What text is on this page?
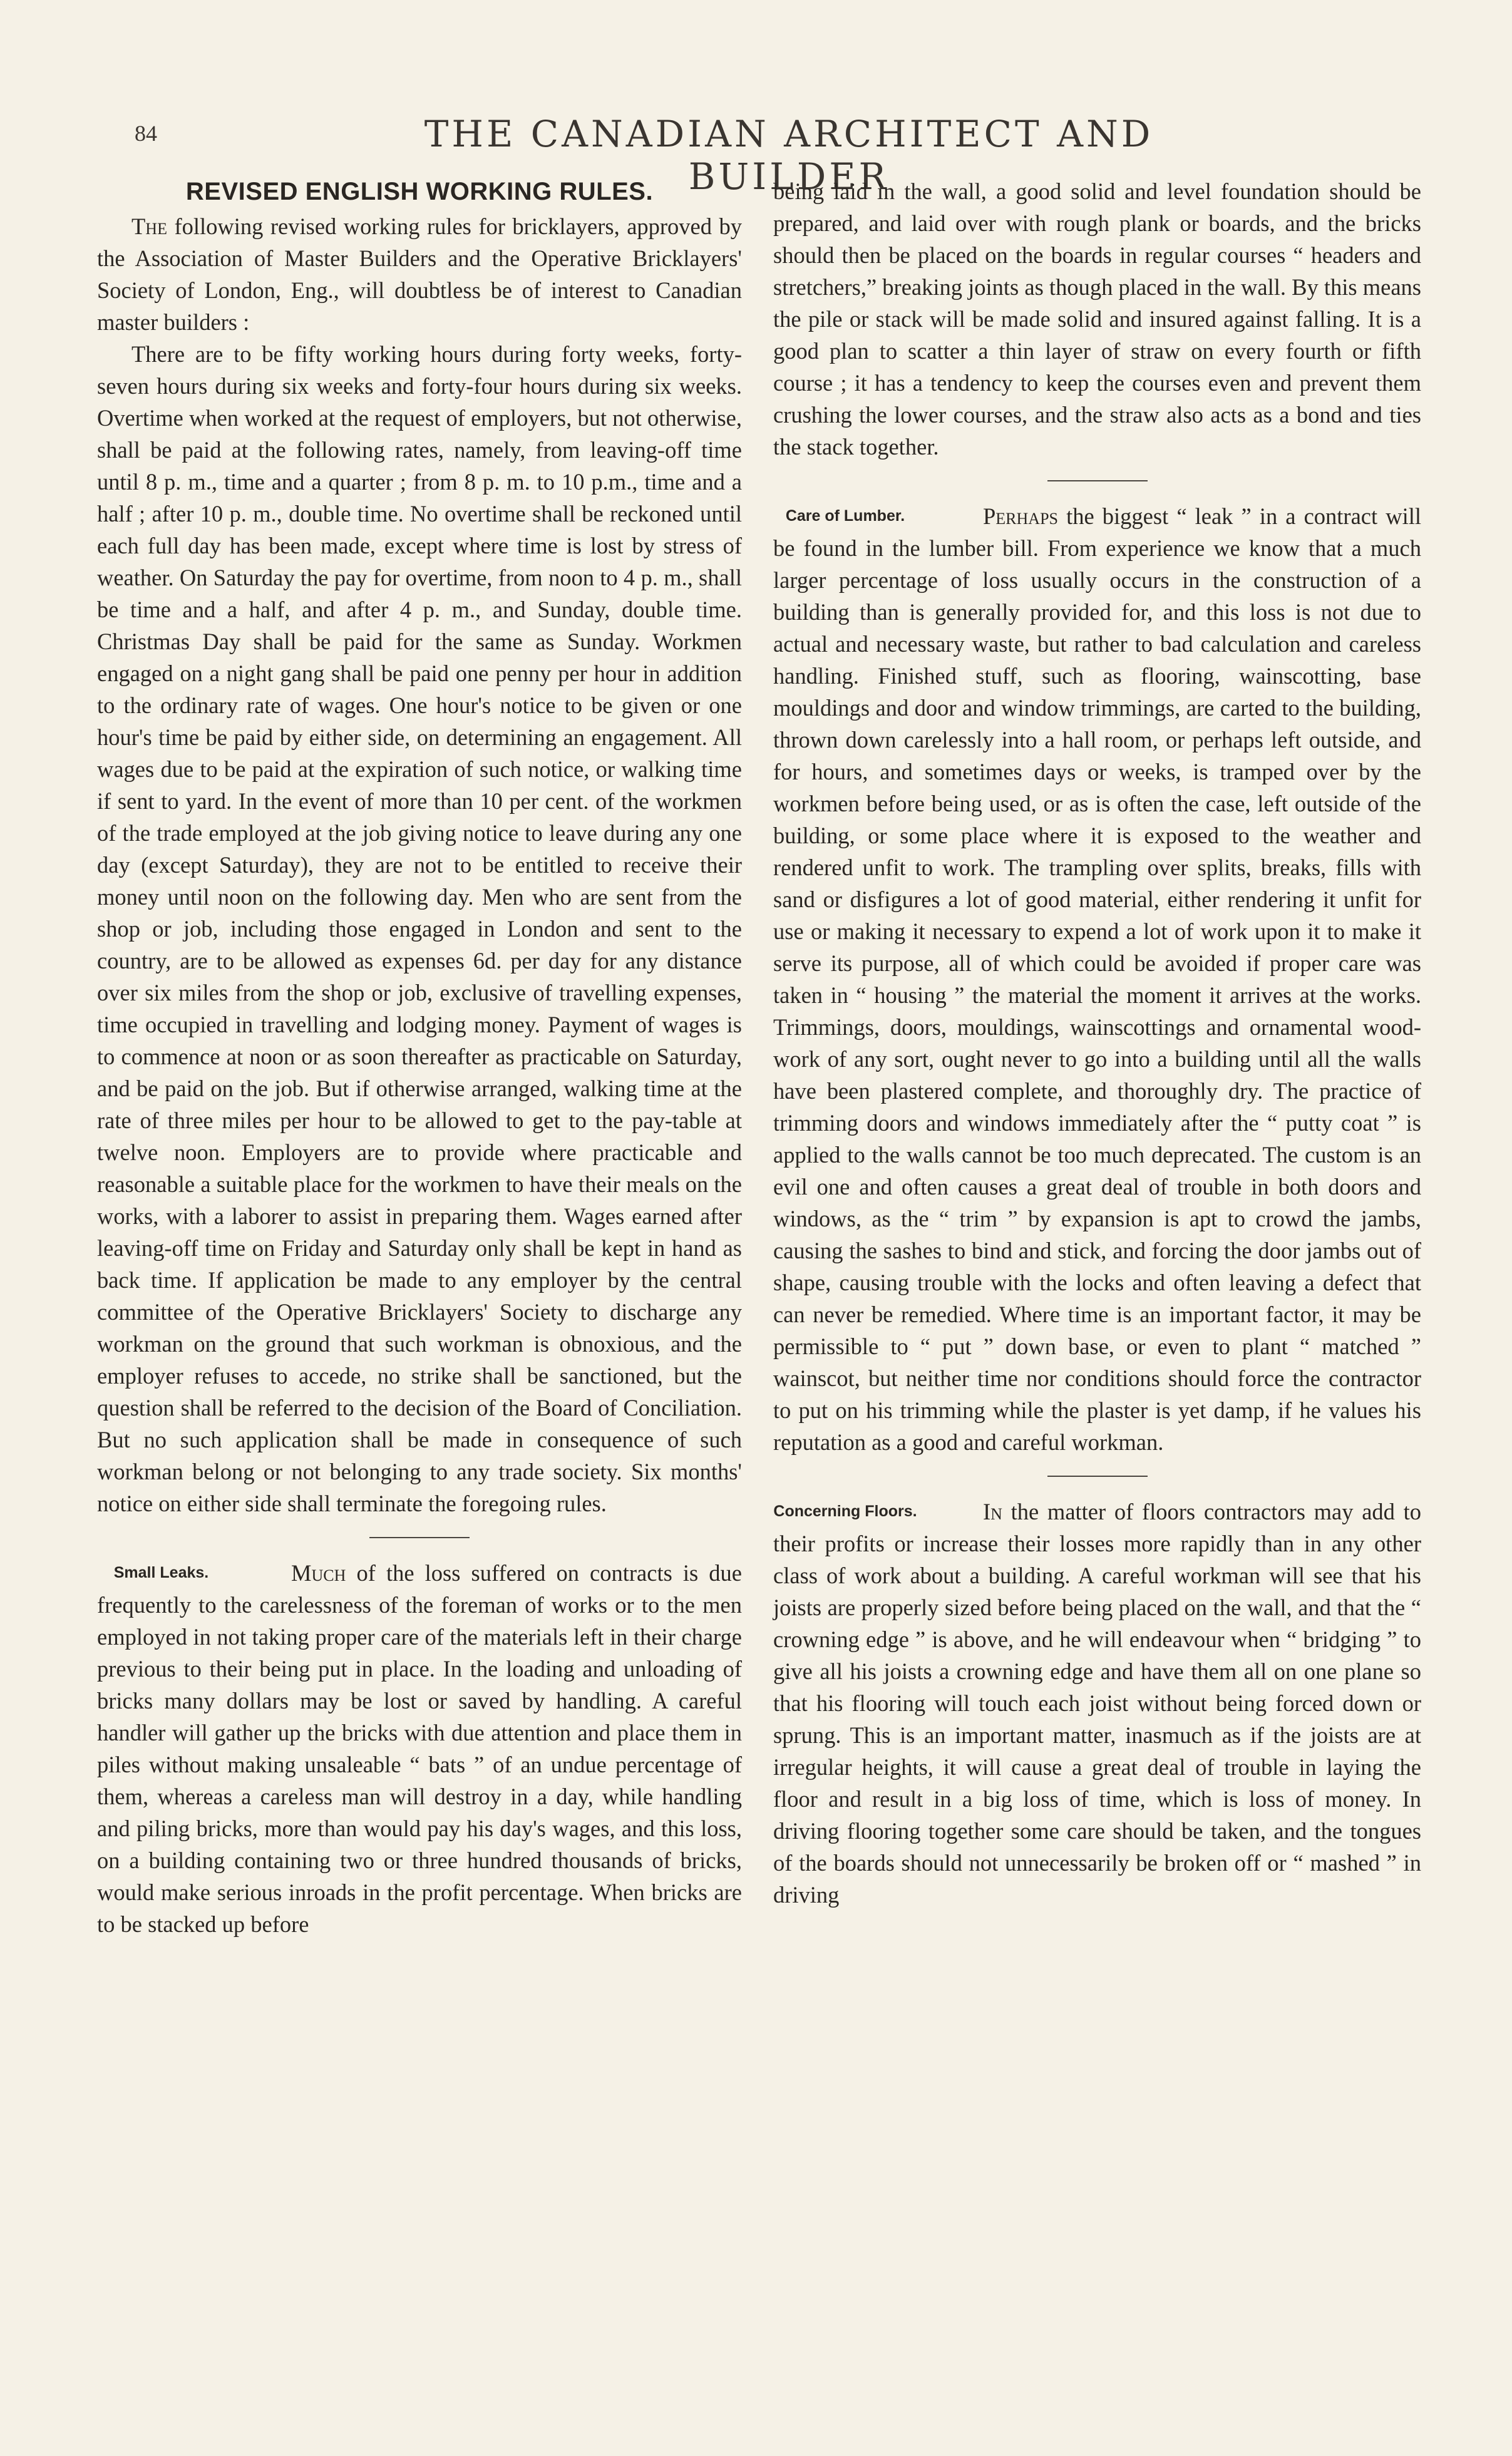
84	THE CANADIAN ARCHITECT AND BUILDER
REVISED ENGLISH WORKING RULES.

The following revised working rules for bricklayers, approved by the Association of Master Builders and the Operative Bricklayers' Society of London, Eng., will doubtless be of interest to Canadian master builders :

There are to be fifty working hours during forty weeks, forty-seven hours during six weeks and forty-four hours during six weeks. Overtime when worked at the request of employers, but not otherwise, shall be paid at the following rates, namely, from leaving-off time until 8 p. m., time and a quarter ; from 8 p. m. to 10 p.m., time and a half ; after 10 p. m., double time. No overtime shall be reckoned until each full day has been made, except where time is lost by stress of weather. On Saturday the pay for overtime, from noon to 4 p. m., shall be time and a half, and after 4 p. m., and Sunday, double time. Christmas Day shall be paid for the same as Sunday. Workmen engaged on a night gang shall be paid one penny per hour in addition to the ordinary rate of wages. One hour's notice to be given or one hour's time be paid by either side, on determining an engagement. All wages due to be paid at the expiration of such notice, or walking time if sent to yard. In the event of more than 10 per cent. of the workmen of the trade employed at the job giving notice to leave during any one day (except Saturday), they are not to be entitled to receive their money until noon on the following day. Men who are sent from the shop or job, including those engaged in London and sent to the country, are to be allowed as expenses 6d. per day for any distance over six miles from the shop or job, exclusive of travelling expenses, time occupied in travelling and lodging money. Payment of wages is to commence at noon or as soon thereafter as practicable on Saturday, and be paid on the job. But if otherwise arranged, walking time at the rate of three miles per hour to be allowed to get to the pay-table at twelve noon. Employers are to provide where practicable and reasonable a suitable place for the workmen to have their meals on the works, with a laborer to assist in preparing them. Wages earned after leaving-off time on Friday and Saturday only shall be kept in hand as back time. If application be made to any employer by the central committee of the Operative Bricklayers' Society to discharge any workman on the ground that such workman is obnoxious, and the employer refuses to accede, no strike shall be sanctioned, but the question shall be referred to the decision of the Board of Conciliation. But no such application shall be made in consequence of such workman belong or not belonging to any trade society. Six months' notice on either side shall terminate the foregoing rules.

Small Leaks.	Much of the loss suffered on contracts is due frequently to the carelessness of the foreman of works or to the men employed in not taking proper care of the materials left in their charge previous to their being put in place. In the loading and unloading of bricks many dollars may be lost or saved by handling. A careful handler will gather up the bricks with due attention and place them in piles without making unsaleable “ bats ” of an undue percentage of them, whereas a careless man will destroy in a day, while handling and piling bricks, more than would pay his day's wages, and this loss, on a building containing two or three hundred thousands of bricks, would make serious inroads in the profit percentage. When bricks are to be stacked up before

being laid in the wall, a good solid and level foundation should be prepared, and laid over with rough plank or boards, and the bricks should then be placed on the boards in regular courses “ headers and stretchers,” breaking joints as though placed in the wall. By this means the pile or stack will be made solid and insured against falling. It is a good plan to scatter a thin layer of straw on every fourth or fifth course ; it has a tendency to keep the courses even and prevent them crushing the lower courses, and the straw also acts as a bond and ties the stack together.

Care of Lumber.	Perhaps the biggest “ leak ” in a contract will be found in the lumber bill. From experience we know that a much larger percentage of loss usually occurs in the construction of a building than is generally provided for, and this loss is not due to actual and necessary waste, but rather to bad calculation and careless handling. Finished stuff, such as flooring, wainscotting, base mouldings and door and window trimmings, are carted to the building, thrown down carelessly into a hall room, or perhaps left outside, and for hours, and sometimes days or weeks, is tramped over by the workmen before being used, or as is often the case, left outside of the building, or some place where it is exposed to the weather and rendered unfit to work. The trampling over splits, breaks, fills with sand or disfigures a lot of good material, either rendering it unfit for use or making it necessary to expend a lot of work upon it to make it serve its purpose, all of which could be avoided if proper care was taken in “ housing ” the material the moment it arrives at the works. Trimmings, doors, mouldings, wainscottings and ornamental wood-work of any sort, ought never to go into a building until all the walls have been plastered complete, and thoroughly dry. The practice of trimming doors and windows immediately after the “ putty coat ” is applied to the walls cannot be too much deprecated. The custom is an evil one and often causes a great deal of trouble in both doors and windows, as the “ trim ” by expansion is apt to crowd the jambs, causing the sashes to bind and stick, and forcing the door jambs out of shape, causing trouble with the locks and often leaving a defect that can never be remedied. Where time is an important factor, it may be permissible to “ put ” down base, or even to plant “ matched ” wainscot, but neither time nor conditions should force the contractor to put on his trimming while the plaster is yet damp, if he values his reputation as a good and careful workman.

Concerning Floors.	In the matter of floors contractors may add to their profits or increase their losses more rapidly than in any other class of work about a building. A careful workman will see that his joists are properly sized before being placed on the wall, and that the “ crowning edge ” is above, and he will endeavour when “ bridging ” to give all his joists a crowning edge and have them all on one plane so that his flooring will touch each joist without being forced down or sprung. This is an important matter, inasmuch as if the joists are at irregular heights, it will cause a great deal of trouble in laying the floor and result in a big loss of time, which is loss of money. In driving flooring together some care should be taken, and the tongues of the boards should not unnecessarily be broken off or “ mashed ” in driving
